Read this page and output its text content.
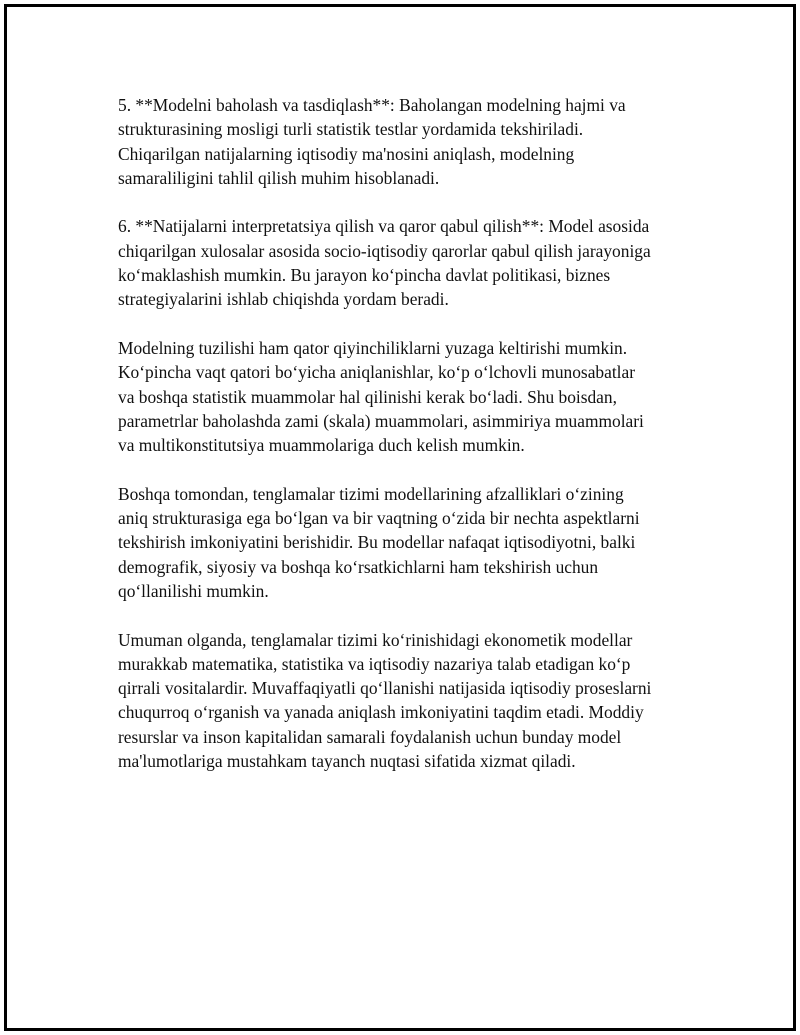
5. **Modelni baholash va tasdiqlash**: Baholangan modelning hajmi va
strukturasining mosligi turli statistik testlar yordamida tekshiriladi.
Chiqarilgan natijalarning iqtisodiy ma'nosini aniqlash, modelning
samaraliligini tahlil qilish muhim hisoblanadi.

6. **Natijalarni interpretatsiya qilish va qaror qabul qilish**: Model asosida
chiqarilgan xulosalar asosida socio-iqtisodiy qarorlar qabul qilish jarayoniga
ko‘maklashish mumkin. Bu jarayon ko‘pincha davlat politikasi, biznes
strategiyalarini ishlab chiqishda yordam beradi.

Modelning tuzilishi ham qator qiyinchiliklarni yuzaga keltirishi mumkin.
Ko‘pincha vaqt qatori bo‘yicha aniqlanishlar, ko‘p o‘lchovli munosabatlar
va boshqa statistik muammolar hal qilinishi kerak bo‘ladi. Shu boisdan,
parametrlar baholashda zami (skala) muammolari, asimmiriya muammolari
va multikonstitutsiya muammolariga duch kelish mumkin.

Boshqa tomondan, tenglamalar tizimi modellarining afzalliklari o‘zining
aniq strukturasiga ega bo‘lgan va bir vaqtning o‘zida bir nechta aspektlarni
tekshirish imkoniyatini berishidir. Bu modellar nafaqat iqtisodiyotni, balki
demografik, siyosiy va boshqa ko‘rsatkichlarni ham tekshirish uchun
qo‘llanilishi mumkin.

Umuman olganda, tenglamalar tizimi ko‘rinishidagi ekonometik modellar
murakkab matematika, statistika va iqtisodiy nazariya talab etadigan ko‘p
qirrali vositalardir. Muvaffaqiyatli qo‘llanishi natijasida iqtisodiy proseslarni
chuqurroq o‘rganish va yanada aniqlash imkoniyatini taqdim etadi. Moddiy
resurslar va inson kapitalidan samarali foydalanish uchun bunday model
ma'lumotlariga mustahkam tayanch nuqtasi sifatida xizmat qiladi.
